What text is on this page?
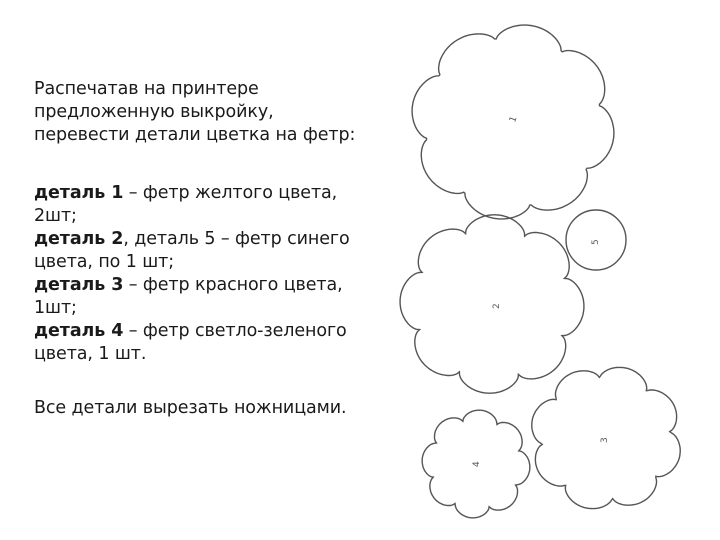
Распечатав на принтере

предложенную выкройку,

перевести детали цветка на фетр:

деталь 1 – фетр желтого цвета,

2шт;

деталь 2, деталь 5 – фетр синего

цвета, по 1 шт;

деталь 3 – фетр красного цвета,

1шт;

деталь 4 – фетр светло-зеленого

цвета, 1 шт.

Все детали вырезать ножницами.

1
5
2
3
4
